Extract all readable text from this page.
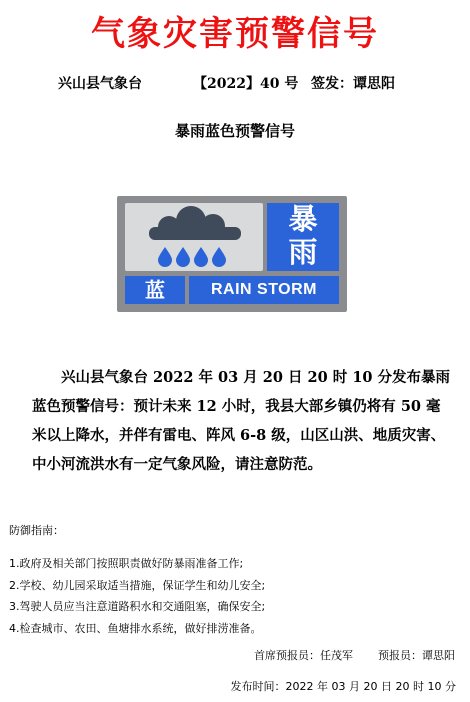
气象灾害预警信号
兴山县气象台	【2022】40 号 签发：谭思阳
暴雨蓝色预警信号
暴
雨
蓝	RAIN STORM

兴山县气象台 2022 年 03 月 20 日 20 时 10 分发布暴雨蓝色预警信号：预计未来 12 小时，我县大部乡镇仍将有 50 毫米以上降水，并伴有雷电、阵风 6-8 级，山区山洪、地质灾害、中小河流洪水有一定气象风险，请注意防范。

防御指南：
1.政府及相关部门按照职责做好防暴雨准备工作;
2.学校、幼儿园采取适当措施，保证学生和幼儿安全;
3.驾驶人员应当注意道路积水和交通阻塞，确保安全;
4.检查城市、农田、鱼塘排水系统，做好排涝准备。
首席预报员：任茂军 预报员：谭思阳
发布时间：2022 年 03 月 20 日 20 时 10 分
